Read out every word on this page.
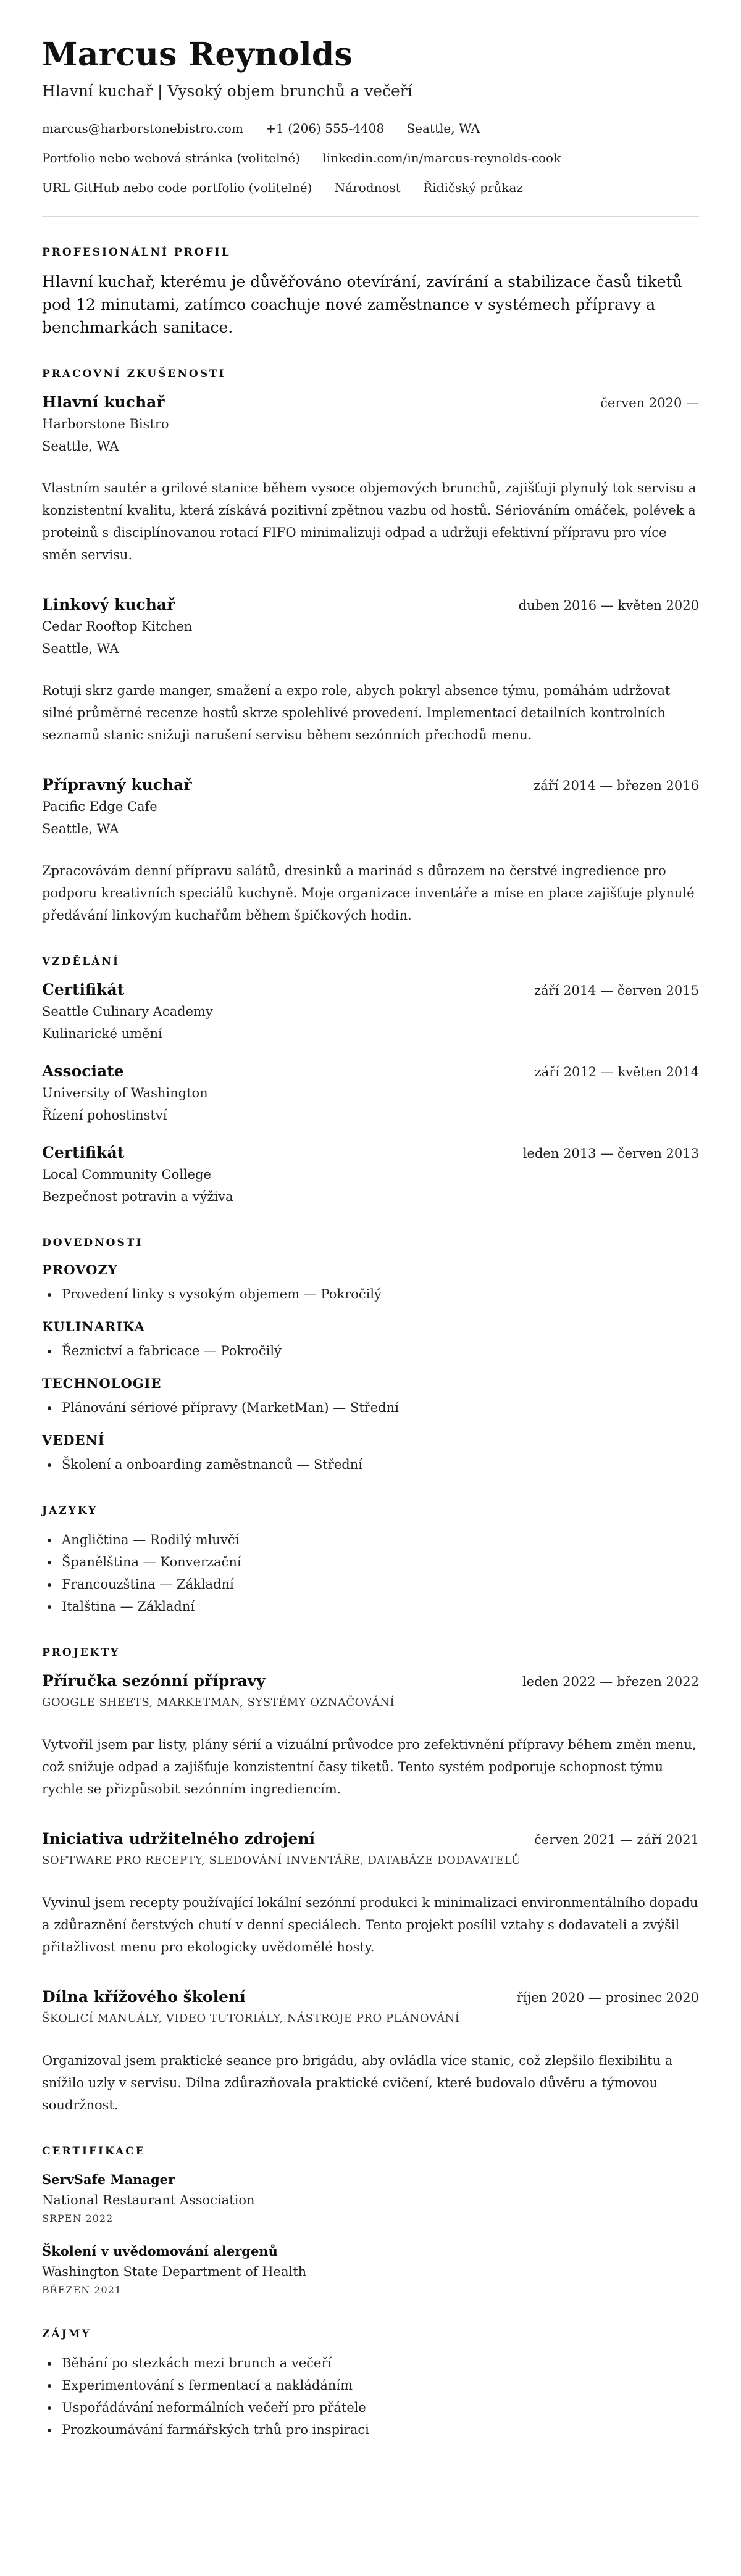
Marcus Reynolds
Hlavní kuchař | Vysoký objem brunchů a večeří
marcus@harborstonebistro.com +1 (206) 555-4408 Seattle, WA
Portfolio nebo webová stránka (volitelné) linkedin.com/in/marcus-reynolds-cook
URL GitHub nebo code portfolio (volitelné) Národnost Řidičský průkaz
PROFESIONÁLNÍ PROFIL
Hlavní kuchař, kterému je důvěřováno otevírání, zavírání a stabilizace časů tiketů pod 12 minutami, zatímco coachuje nové zaměstnance v systémech přípravy a benchmarkách sanitace.
PRACOVNÍ ZKUŠENOSTI
Hlavní kuchař	červen 2020 —
Harborstone Bistro
Seattle, WA
Vlastním sautér a grilové stanice během vysoce objemových brunchů, zajišťuji plynulý tok servisu a konzistentní kvalitu, která získává pozitivní zpětnou vazbu od hostů. Sériováním omáček, polévek a proteinů s disciplínovanou rotací FIFO minimalizuji odpad a udržuji efektivní přípravu pro více směn servisu.
Linkový kuchař	duben 2016 — květen 2020
Cedar Rooftop Kitchen
Seattle, WA
Rotuji skrz garde manger, smažení a expo role, abych pokryl absence týmu, pomáhám udržovat silné průměrné recenze hostů skrze spolehlivé provedení. Implementací detailních kontrolních seznamů stanic snižuji narušení servisu během sezónních přechodů menu.
Přípravný kuchař	září 2014 — březen 2016
Pacific Edge Cafe
Seattle, WA
Zpracovávám denní přípravu salátů, dresinků a marinád s důrazem na čerstvé ingredience pro podporu kreativních speciálů kuchyně. Moje organizace inventáře a mise en place zajišťuje plynulé předávání linkovým kuchařům během špičkových hodin.
VZDĚLÁNÍ
Certifikát	září 2014 — červen 2015
Seattle Culinary Academy
Kulinarické umění
Associate	září 2012 — květen 2014
University of Washington
Řízení pohostinství
Certifikát	leden 2013 — červen 2013
Local Community College
Bezpečnost potravin a výživa
DOVEDNOSTI
PROVOZY
• Provedení linky s vysokým objemem — Pokročilý
KULINARIKA
• Řeznictví a fabricace — Pokročilý
TECHNOLOGIE
• Plánování sériové přípravy (MarketMan) — Střední
VEDENÍ
• Školení a onboarding zaměstnanců — Střední
JAZYKY
• Angličtina — Rodilý mluvčí
• Španělština — Konverzační
• Francouzština — Základní
• Italština — Základní
PROJEKTY
Příručka sezónní přípravy	leden 2022 — březen 2022
GOOGLE SHEETS, MARKETMAN, SYSTÉMY OZNAČOVÁNÍ
Vytvořil jsem par listy, plány sérií a vizuální průvodce pro zefektivnění přípravy během změn menu, což snižuje odpad a zajišťuje konzistentní časy tiketů. Tento systém podporuje schopnost týmu rychle se přizpůsobit sezónním ingrediencím.
Iniciativa udržitelného zdrojení	červen 2021 — září 2021
SOFTWARE PRO RECEPTY, SLEDOVÁNÍ INVENTÁŘE, DATABÁZE DODAVATELŮ
Vyvinul jsem recepty používající lokální sezónní produkci k minimalizaci environmentálního dopadu a zdůraznění čerstvých chutí v denní speciálech. Tento projekt posílil vztahy s dodavateli a zvýšil přitažlivost menu pro ekologicky uvědomělé hosty.
Dílna křížového školení	říjen 2020 — prosinec 2020
ŠKOLICÍ MANUÁLY, VIDEO TUTORIÁLY, NÁSTROJE PRO PLÁNOVÁNÍ
Organizoval jsem praktické seance pro brigádu, aby ovládla více stanic, což zlepšilo flexibilitu a snížilo uzly v servisu. Dílna zdůrazňovala praktické cvičení, které budovalo důvěru a týmovou soudržnost.
CERTIFIKACE
ServSafe Manager
National Restaurant Association
SRPEN 2022
Školení v uvědomování alergenů
Washington State Department of Health
BŘEZEN 2021
ZÁJMY
• Běhání po stezkách mezi brunch a večeří
• Experimentování s fermentací a nakládáním
• Uspořádávání neformálních večeří pro přátele
• Prozkoumávání farmářských trhů pro inspiraci
